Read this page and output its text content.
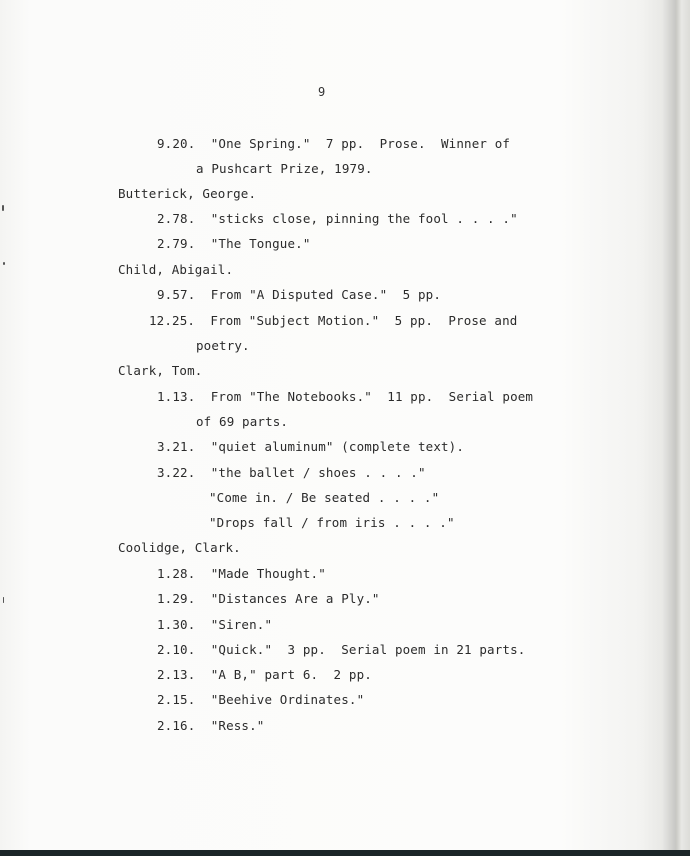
9
9.20.  "One Spring."  7 pp.  Prose.  Winner of
a Pushcart Prize, 1979.
Butterick, George.
2.78.  "sticks close, pinning the fool . . . ."
2.79.  "The Tongue."
Child, Abigail.
9.57.  From "A Disputed Case."  5 pp.
12.25.  From "Subject Motion."  5 pp.  Prose and
poetry.
Clark, Tom.
1.13.  From "The Notebooks."  11 pp.  Serial poem
of 69 parts.
3.21.  "quiet aluminum" (complete text).
3.22.  "the ballet / shoes . . . ."
"Come in. / Be seated . . . ."
"Drops fall / from iris . . . ."
Coolidge, Clark.
1.28.  "Made Thought."
1.29.  "Distances Are a Ply."
1.30.  "Siren."
2.10.  "Quick."  3 pp.  Serial poem in 21 parts.
2.13.  "A B," part 6.  2 pp.
2.15.  "Beehive Ordinates."
2.16.  "Ress."
